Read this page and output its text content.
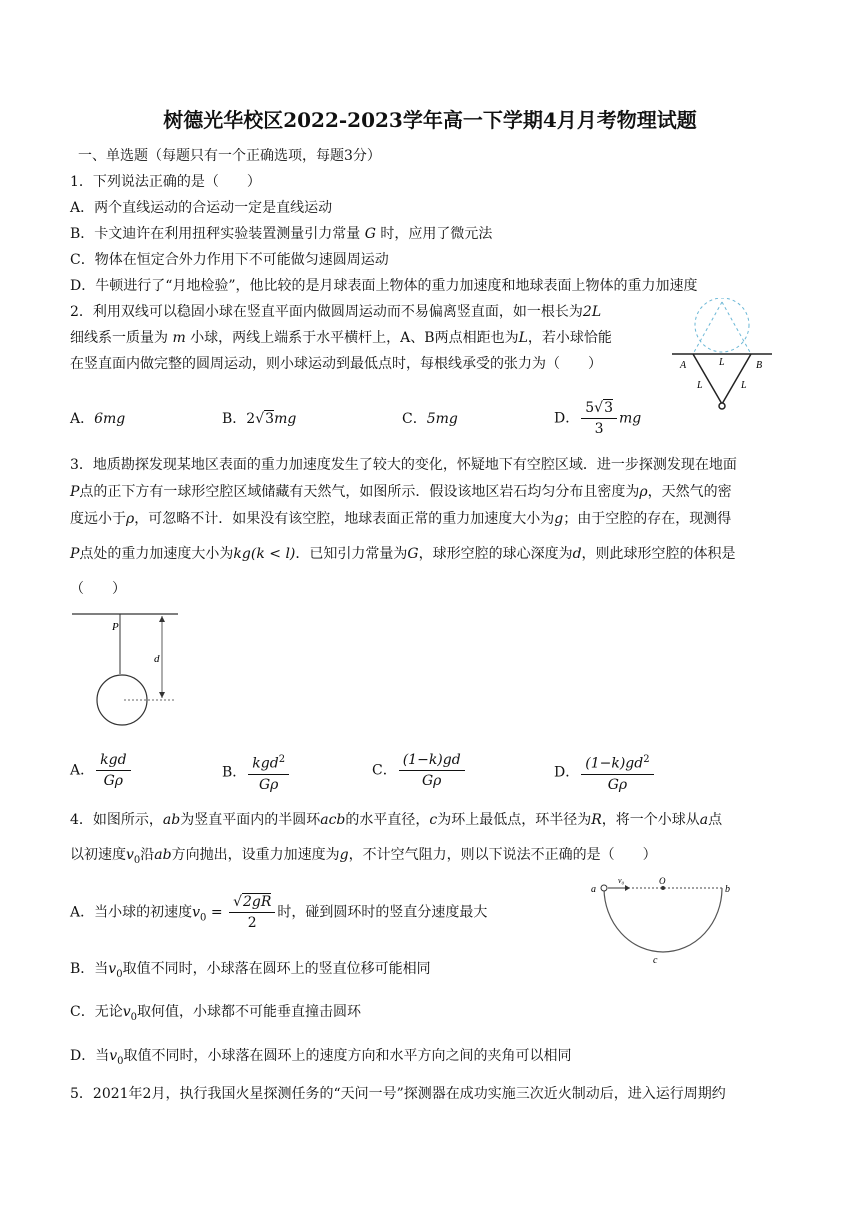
树德光华校区2022-2023学年高一下学期4月月考物理试题
一、单选题（每题只有一个正确选项，每题3分）
1．下列说法正确的是（　　）
A．两个直线运动的合运动一定是直线运动
B．卡文迪许在利用扭秤实验装置测量引力常量 G 时，应用了微元法
C．物体在恒定合外力作用下不可能做匀速圆周运动
D．牛顿进行了“月地检验”，他比较的是月球表面上物体的重力加速度和地球表面上物体的重力加速度
2．利用双线可以稳固小球在竖直平面内做圆周运动而不易偏离竖直面，如一根长为2L
细线系一质量为 m 小球，两线上端系于水平横杆上，A、B两点相距也为L，若小球恰能
在竖直面内做完整的圆周运动，则小球运动到最低点时，每根线承受的张力为（　　）	A	B
L
L	L
A．6mg	B．2√3mg	C．5mg	D． $\frac{5√3}{3}$ mg
3．地质勘探发现某地区表面的重力加速度发生了较大的变化，怀疑地下有空腔区域．进一步探测发现在地面
P点的正下方有一球形空腔区域储藏有天然气，如图所示．假设该地区岩石均匀分布且密度为ρ，天然气的密
度远小于ρ，可忽略不计．如果没有该空腔，地球表面正常的重力加速度大小为g；由于空腔的存在，现测得
P点处的重力加速度大小为kg(k < l)．已知引力常量为G，球形空腔的球心深度为d，则此球形空腔的体积是
（　　）
P
d
A． $\frac{\text{kgd}}{G\rho}$	B． $\frac{kgd^2}{G\rho}$	C． $\frac{(1-k)gd}{G\rho}$	D． $\frac{(1-k)gd^2}{G\rho}$
4．如图所示，ab为竖直平面内的半圆环acb的水平直径，c为环上最低点，环半径为R，将一个小球从a点
以初速度$v_0$沿ab方向抛出，设重力加速度为g，不计空气阻力，则以下说法不正确的是（　　）
A．当小球的初速度$v_0 = \frac{√2gR}{2}$ 时，碰到圆环时的竖直分速度最大
a
v₀	O
b
c
B．当$v_0$取值不同时，小球落在圆环上的竖直位移可能相同
C．无论$v_0$取何值，小球都不可能垂直撞击圆环
D．当$v_0$取值不同时，小球落在圆环上的速度方向和水平方向之间的夹角可以相同
5．2021年2月，执行我国火星探测任务的“天问一号”探测器在成功实施三次近火制动后，进入运行周期约
